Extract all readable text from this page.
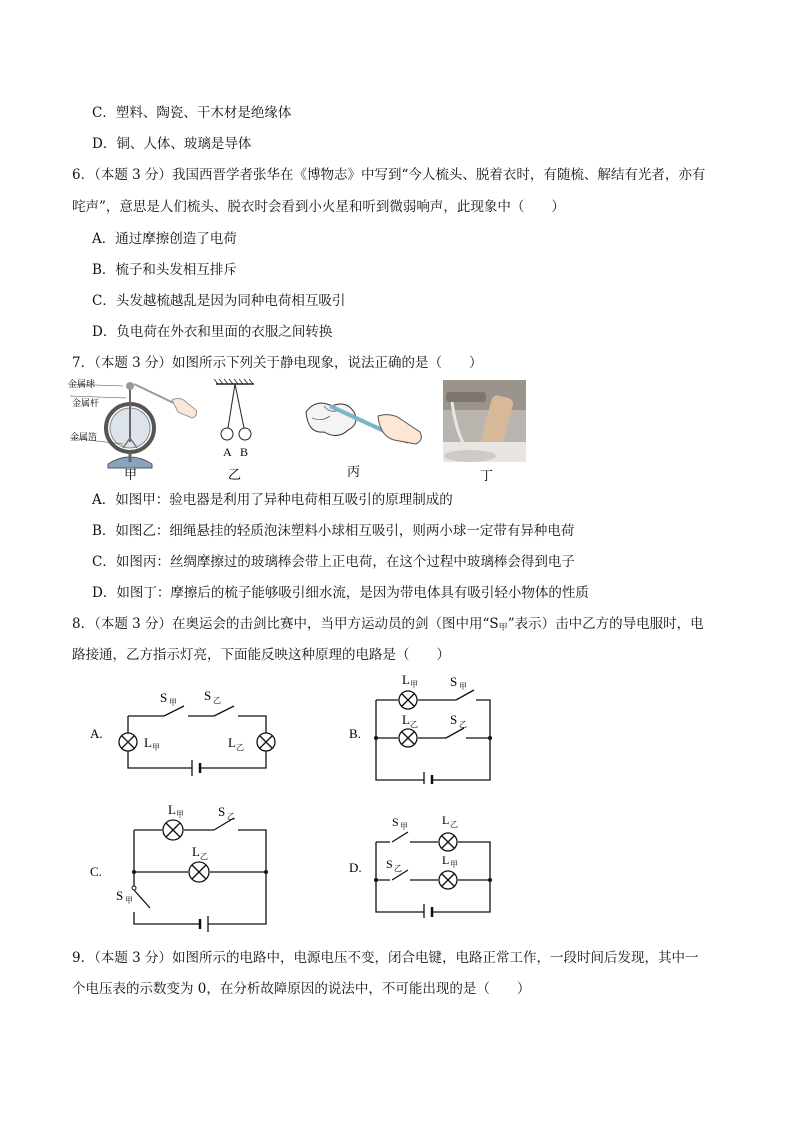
C．塑料、陶瓷、干木材是绝缘体
D．铜、人体、玻璃是导体
6．（本题 3 分）我国西晋学者张华在《博物志》中写到“今人梳头、脱着衣时，有随梳、解结有光者，亦有
咤声”，意思是人们梳头、脱衣时会看到小火星和听到微弱响声，此现象中（　　）
A．通过摩擦创造了电荷
B．梳子和头发相互排斥
C．头发越梳越乱是因为同种电荷相互吸引
D．负电荷在外衣和里面的衣服之间转换
7．（本题 3 分）如图所示下列关于静电现象，说法正确的是（　　）
金属球
金属杆
金属箔
甲
A B
乙	丙	丁
A．如图甲：验电器是利用了异种电荷相互吸引的原理制成的
B．如图乙：细绳悬挂的轻质泡沫塑料小球相互吸引，则两小球一定带有异种电荷
C．如图丙：丝绸摩擦过的玻璃棒会带上正电荷，在这个过程中玻璃棒会得到电子
D．如图丁：摩擦后的梳子能够吸引细水流，是因为带电体具有吸引轻小物体的性质
8．（本题 3 分）在奥运会的击剑比赛中，当甲方运动员的剑（图中用“$S_甲$”表示）击中乙方的导电服时，电
路接通，乙方指示灯亮，下面能反映这种原理的电路是（　　）
A.
S 甲 S 乙
L 甲	L 乙
B.
L 甲 S 甲
L 乙 S 乙
C.
L 甲	S 乙
L 乙
S 甲
D.
S 甲	L 乙
S 乙
L 甲
9．（本题 3 分）如图所示的电路中，电源电压不变，闭合电键，电路正常工作，一段时间后发现，其中一
个电压表的示数变为 0，在分析故障原因的说法中，不可能出现的是（　　）
